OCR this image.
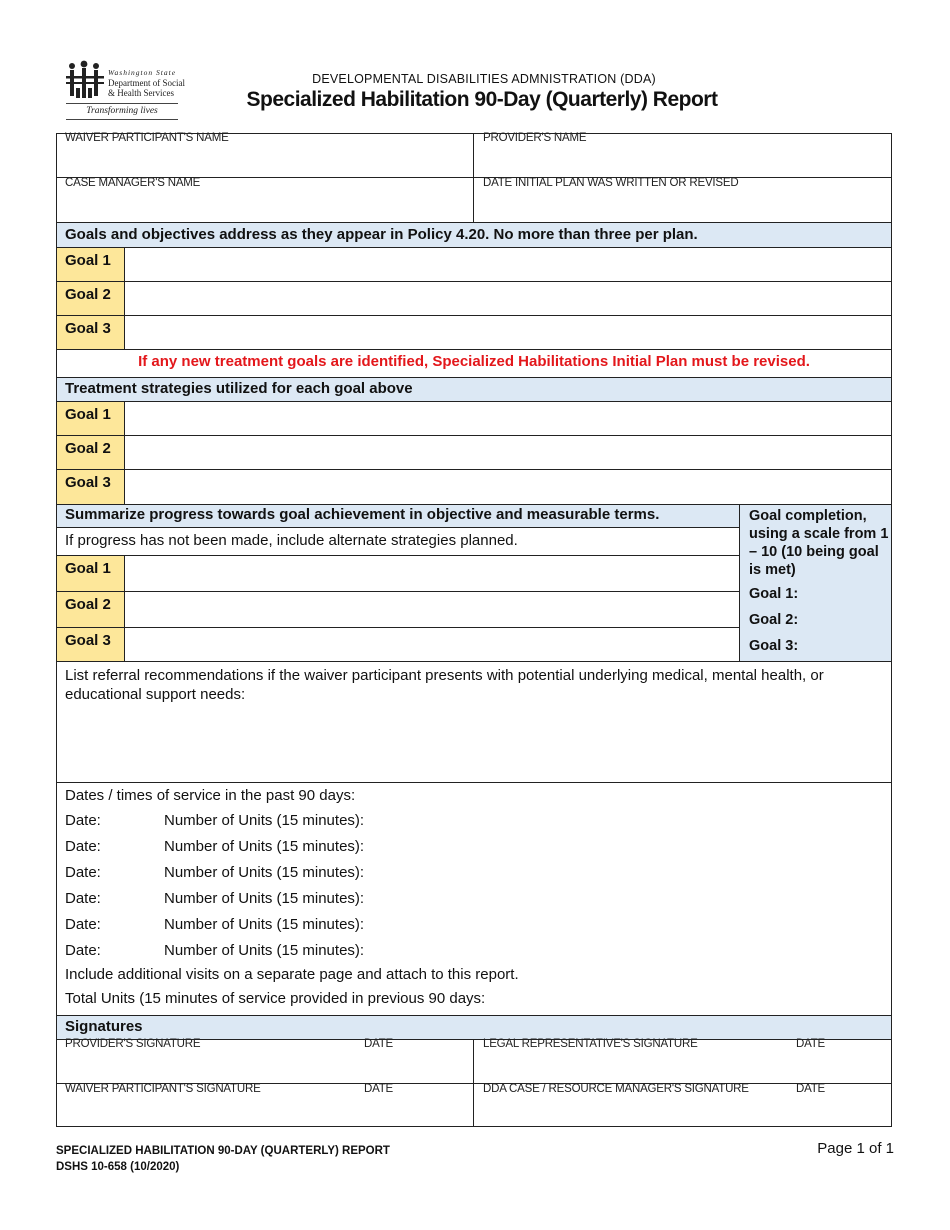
Washington State
Department of Social
& Health Services
Transforming lives
DEVELOPMENTAL DISABILITIES ADMNISTRATION (DDA)
Specialized Habilitation 90-Day (Quarterly) Report
WAIVER PARTICIPANT'S NAME	PROVIDER'S NAME
CASE MANAGER'S NAME	DATE INITIAL PLAN WAS WRITTEN OR REVISED
Goals and objectives address as they appear in Policy 4.20. No more than three per plan.
Goal 1
Goal 2
Goal 3
If any new treatment goals are identified, Specialized Habilitations Initial Plan must be revised.
Treatment strategies utilized for each goal above
Goal 1
Goal 2
Goal 3
Summarize progress towards goal achievement in objective and measurable terms.
If progress has not been made, include alternate strategies planned.
Goal 1
Goal 2
Goal 3
Goal completion, using a scale from 1 – 10 (10 being goal is met)
Goal 1:
Goal 2:
Goal 3:
List referral recommendations if the waiver participant presents with potential underlying medical, mental health, or educational support needs:
Dates / times of service in the past 90 days:
Date:	Number of Units (15 minutes):
Date:	Number of Units (15 minutes):
Date:	Number of Units (15 minutes):
Date:	Number of Units (15 minutes):
Date:	Number of Units (15 minutes):
Date:	Number of Units (15 minutes):
Include additional visits on a separate page and attach to this report.
Total Units (15 minutes of service provided in previous 90 days:
Signatures
PROVIDER'S SIGNATURE	DATE	LEGAL REPRESENTATIVE'S SIGNATURE	DATE
WAIVER PARTICIPANT'S SIGNATURE	DATE	DDA CASE / RESOURCE MANAGER'S SIGNATURE	DATE
SPECIALIZED HABILITATION 90-DAY (QUARTERLY) REPORT
DSHS 10-658 (10/2020)
Page 1 of 1
